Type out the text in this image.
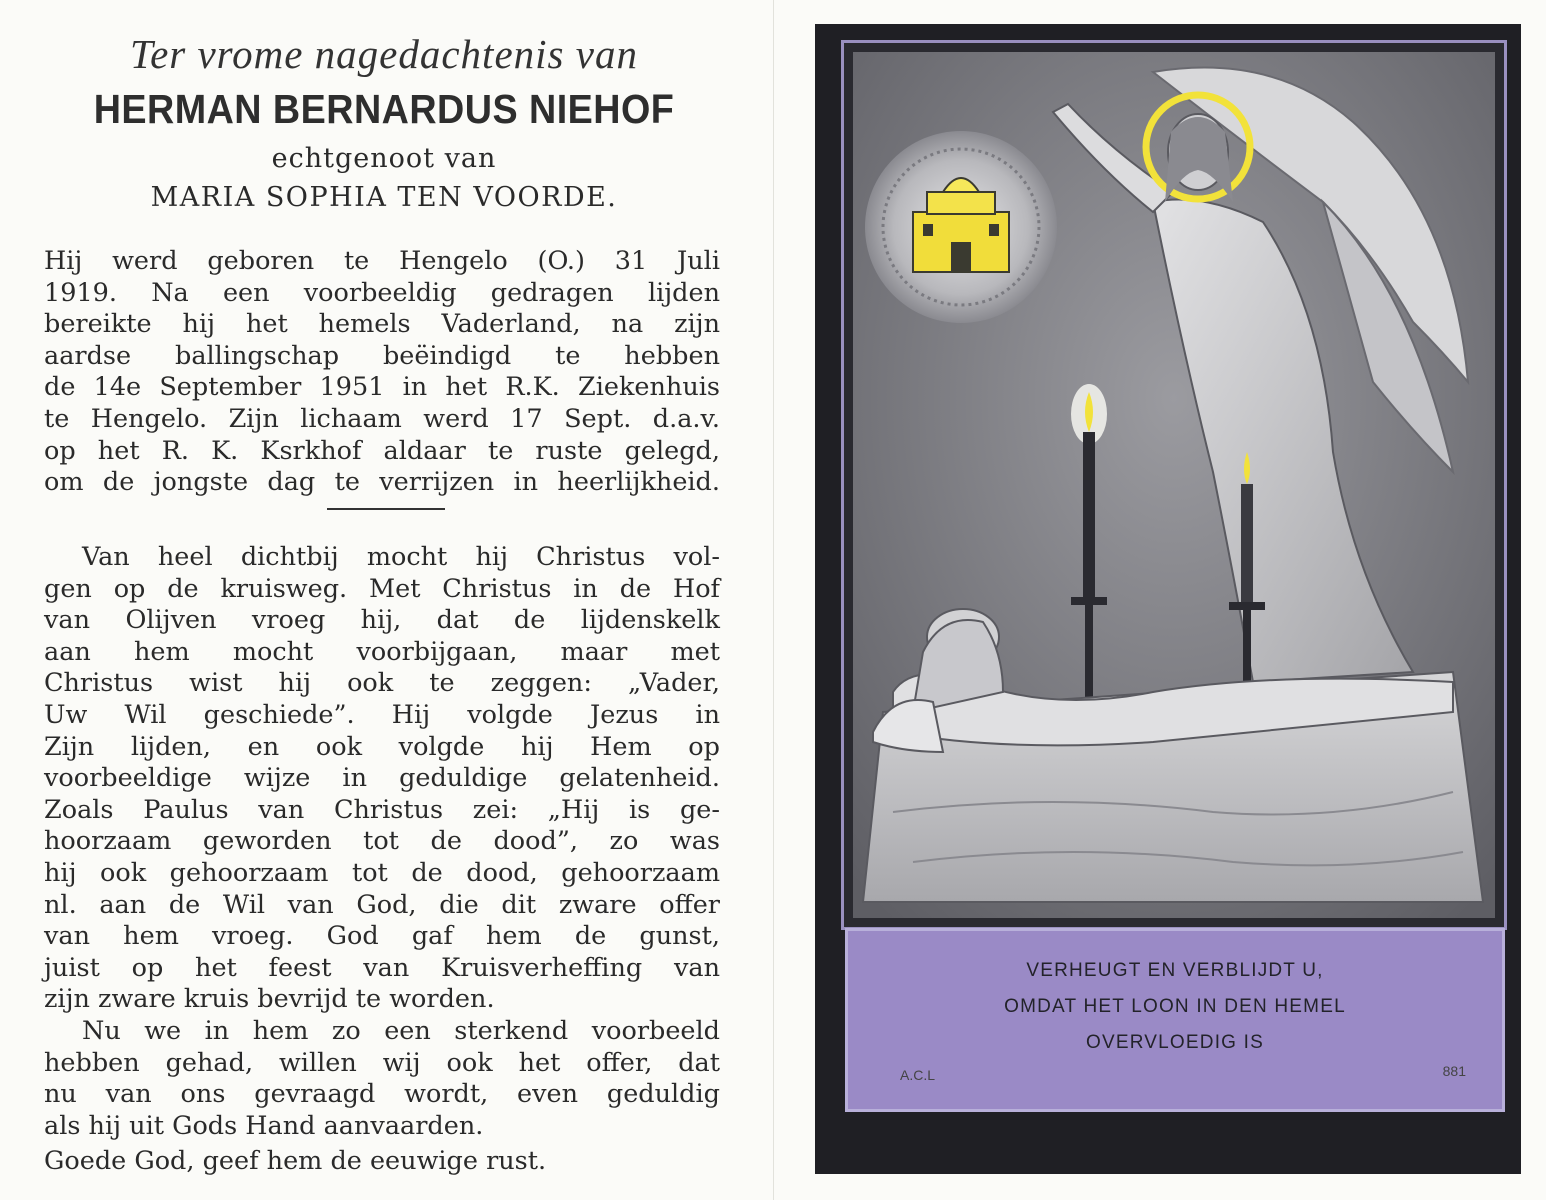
Ter vrome nagedachtenis van
HERMAN BERNARDUS NIEHOF
echtgenoot van
MARIA SOPHIA TEN VOORDE.
Hij werd geboren te Hengelo (O.) 31 Juli
1919. Na een voorbeeldig gedragen lijden
bereikte hij het hemels Vaderland, na zijn
aardse ballingschap beëindigd te hebben
de 14e September 1951 in het R.K. Ziekenhuis
te Hengelo. Zijn lichaam werd 17 Sept. d.a.v.
op het R. K. Ksrkhof aldaar te ruste gelegd,
om de jongste dag te verrijzen in heerlijkheid.
Van heel dichtbij mocht hij Christus vol-
gen op de kruisweg. Met Christus in de Hof
van Olijven vroeg hij, dat de lijdenskelk
aan hem mocht voorbijgaan, maar met
Christus wist hij ook te zeggen: „Vader,
Uw Wil geschiede”. Hij volgde Jezus in
Zijn lijden, en ook volgde hij Hem op
voorbeeldige wijze in geduldige gelatenheid.
Zoals Paulus van Christus zei: „Hij is ge-
hoorzaam geworden tot de dood”, zo was
hij ook gehoorzaam tot de dood, gehoorzaam
nl. aan de Wil van God, die dit zware offer
van hem vroeg. God gaf hem de gunst,
juist op het feest van Kruisverheffing van
zijn zware kruis bevrijd te worden.
Nu we in hem zo een sterkend voorbeeld
hebben gehad, willen wij ook het offer, dat
nu van ons gevraagd wordt, even geduldig
als hij uit Gods Hand aanvaarden.
Goede God, geef hem de eeuwige rust.
VERHEUGT EN VERBLIJDT U,
OMDAT HET LOON IN DEN HEMEL
OVERVLOEDIG IS
A.C.L	881
